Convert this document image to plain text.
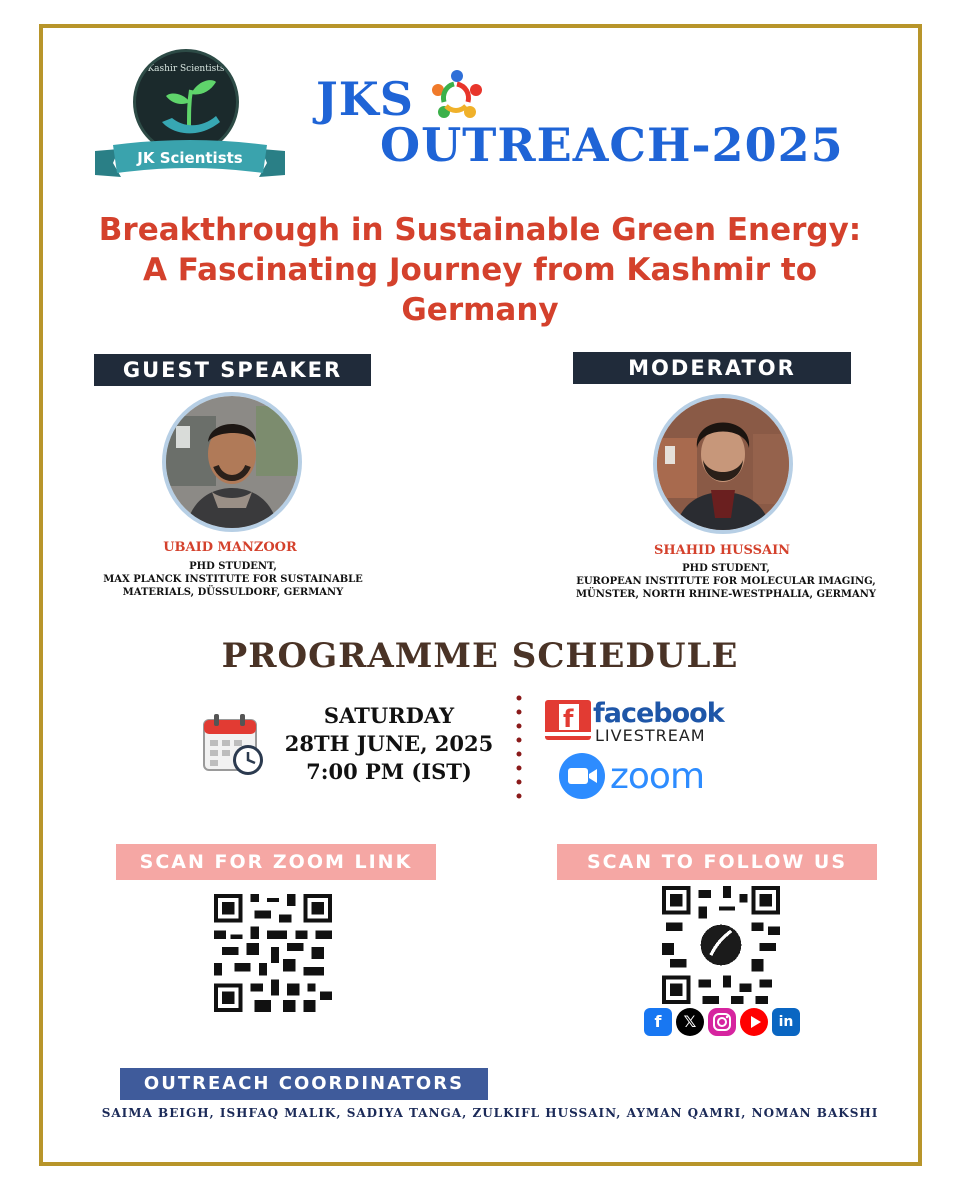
Kashir Scientists
JK Scientists
JKS
OUTREACH-2025
Breakthrough in Sustainable Green Energy:
A Fascinating Journey from Kashmir to
Germany
GUEST SPEAKER
UBAID MANZOOR
PHD STUDENT,
MAX PLANCK INSTITUTE FOR SUSTAINABLE
MATERIALS, DÜSSULDORF, GERMANY
MODERATOR
SHAHID HUSSAIN
PHD STUDENT,
EUROPEAN INSTITUTE FOR MOLECULAR IMAGING,
MÜNSTER, NORTH RHINE-WESTPHALIA, GERMANY
PROGRAMME SCHEDULE
SATURDAY
28TH JUNE, 2025
7:00 PM (IST)
f facebook
LIVESTREAM
zoom
SCAN FOR ZOOM LINK	SCAN TO FOLLOW US
f	𝕏	in
OUTREACH COORDINATORS
SAIMA BEIGH, ISHFAQ MALIK, SADIYA TANGA, ZULKIFL HUSSAIN, AYMAN QAMRI, NOMAN BAKSHI
